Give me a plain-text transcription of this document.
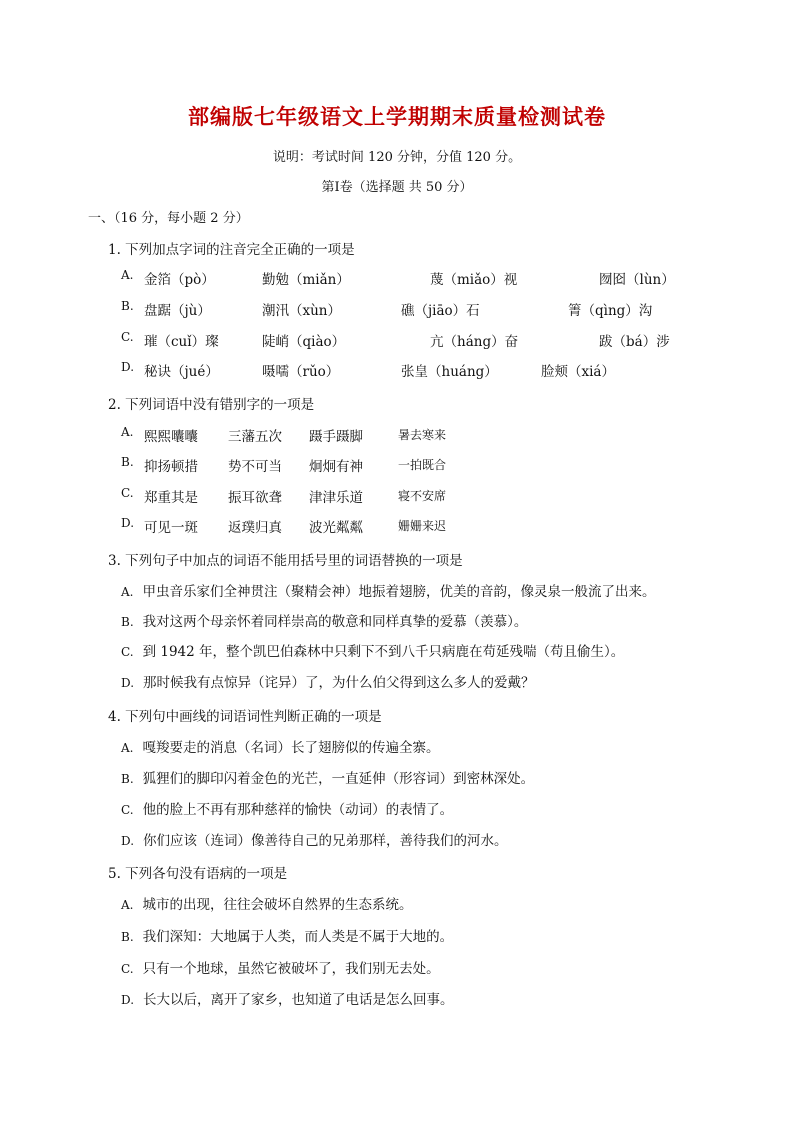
部编版七年级语文上学期期末质量检测试卷
说明：考试时间 120 分钟，分值 120 分。
第Ⅰ卷（选择题 共 50 分）
一、（16 分，每小题 2 分）
1. 下列加点字词的注音完全正确的一项是
A. 金箔（pò）	勤勉（miǎn）	蔑（miǎo）视	囫囵（lùn）
B. 盘踞（jù）	潮汛（xùn）	礁（jiāo）石	箐（qìng）沟
C. 璀（cuǐ）璨	陡峭（qiào）	亢（háng）奋	跋（bá）涉
D. 秘诀（jué）	嗫嚅（rǔo）	张皇（huáng）	脸颊（xiá）
2. 下列词语中没有错别字的一项是
A. 熙熙囔囔 三藩五次 蹑手蹑脚	暑去寒来
B. 抑扬顿措 势不可当 炯炯有神	一拍既合
C. 郑重其是 振耳欲聋 津津乐道	寝不安席
D. 可见一斑 返璞归真 波光粼粼	姗姗来迟
3. 下列句子中加点的词语不能用括号里的词语替换的一项是
A. 甲虫音乐家们全神贯注（聚精会神）地振着翅膀，优美的音韵，像灵泉一般流了出来。
B. 我对这两个母亲怀着同样崇高的敬意和同样真挚的爱慕（羡慕）。
C. 到 1942 年，整个凯巴伯森林中只剩下不到八千只病鹿在苟延残喘（苟且偷生）。
D. 那时候我有点惊异（诧异）了，为什么伯父得到这么多人的爱戴？
4. 下列句中画线的词语词性判断正确的一项是
A. 嘎羧要走的消息（名词）长了翅膀似的传遍全寨。
B. 狐狸们的脚印闪着金色的光芒，一直延伸（形容词）到密林深处。
C. 他的脸上不再有那种慈祥的愉快（动词）的表情了。
D. 你们应该（连词）像善待自己的兄弟那样，善待我们的河水。
5. 下列各句没有语病的一项是
A. 城市的出现，往往会破坏自然界的生态系统。
B. 我们深知：大地属于人类，而人类是不属于大地的。
C. 只有一个地球，虽然它被破坏了，我们别无去处。
D. 长大以后，离开了家乡，也知道了电话是怎么回事。
